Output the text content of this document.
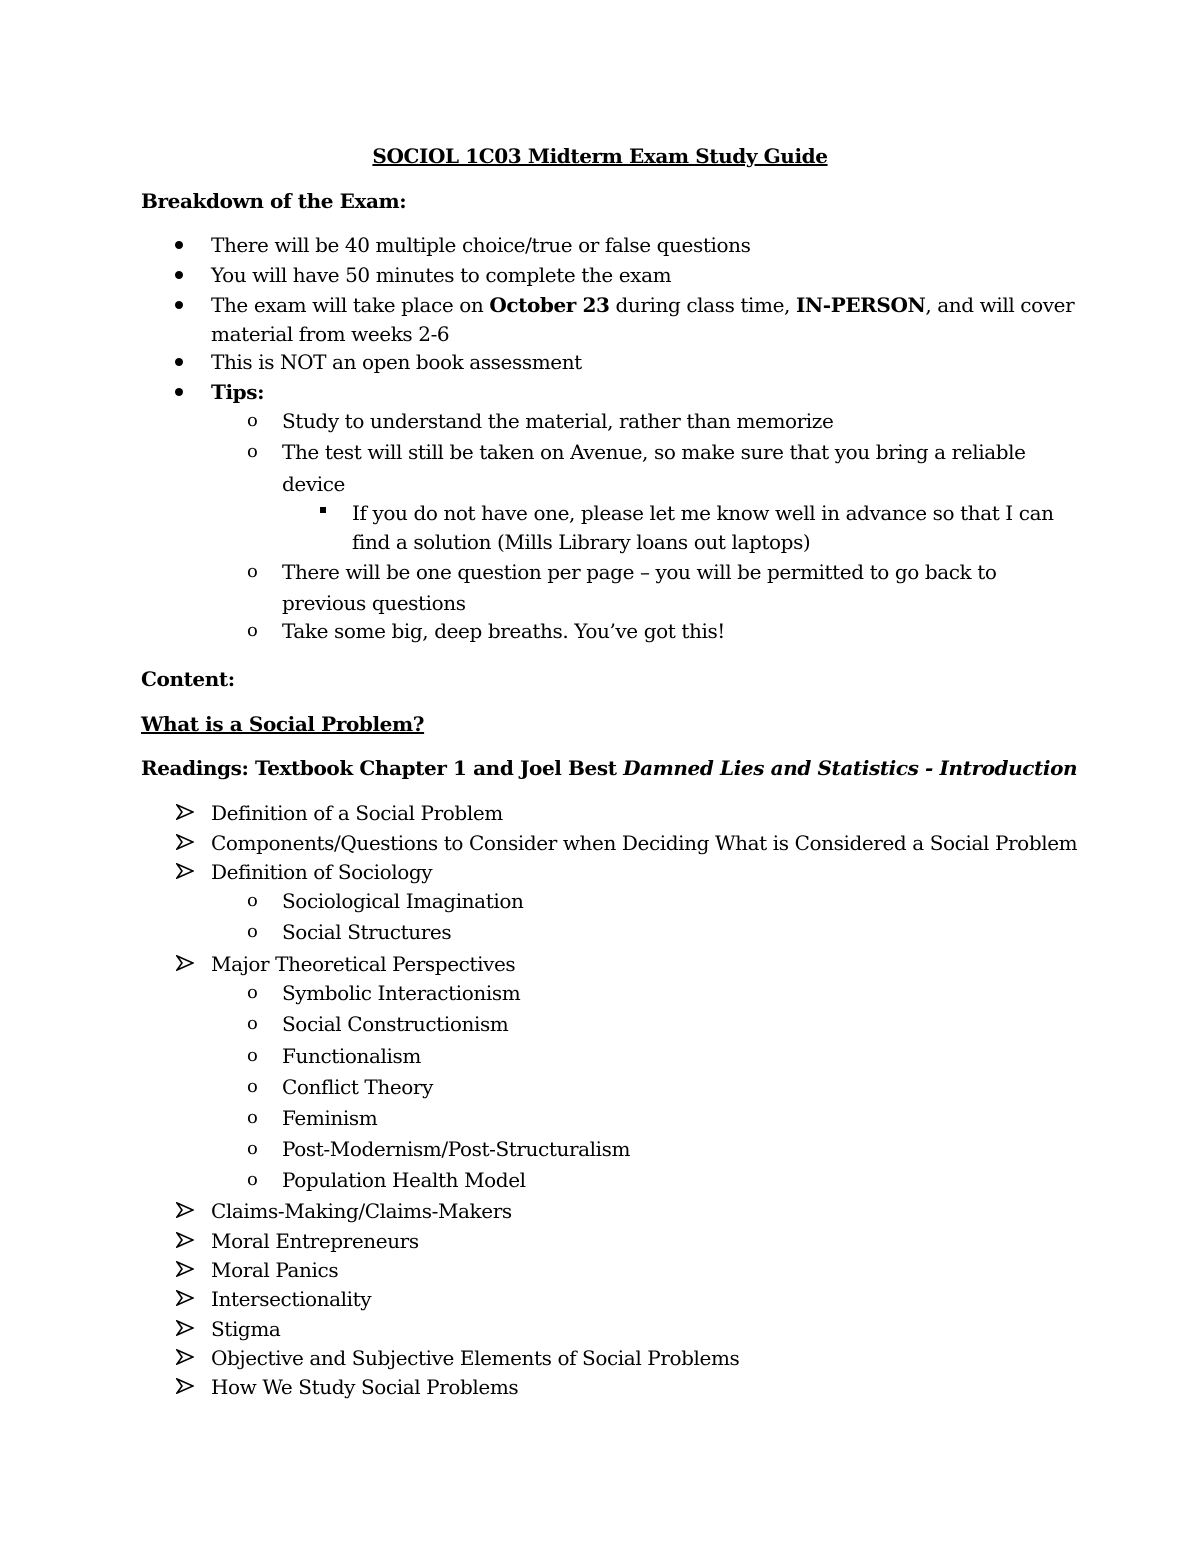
SOCIOL 1C03 Midterm Exam Study Guide
Breakdown of the Exam:
There will be 40 multiple choice/true or false questions
You will have 50 minutes to complete the exam
The exam will take place on October 23 during class time, IN-PERSON, and will cover
material from weeks 2-6
This is NOT an open book assessment
Tips:
o Study to understand the material, rather than memorize
o The test will still be taken on Avenue, so make sure that you bring a reliable
device
If you do not have one, please let me know well in advance so that I can
find a solution (Mills Library loans out laptops)
o There will be one question per page – you will be permitted to go back to
previous questions
o Take some big, deep breaths. You’ve got this!
Content:
What is a Social Problem?
Readings: Textbook Chapter 1 and Joel Best Damned Lies and Statistics - Introduction
Definition of a Social Problem
Components/Questions to Consider when Deciding What is Considered a Social Problem
Definition of Sociology
o Sociological Imagination
o Social Structures
Major Theoretical Perspectives
o Symbolic Interactionism
o Social Constructionism
o Functionalism
o Conflict Theory
o Feminism
o Post-Modernism/Post-Structuralism
o Population Health Model
Claims-Making/Claims-Makers
Moral Entrepreneurs
Moral Panics
Intersectionality
Stigma
Objective and Subjective Elements of Social Problems
How We Study Social Problems
